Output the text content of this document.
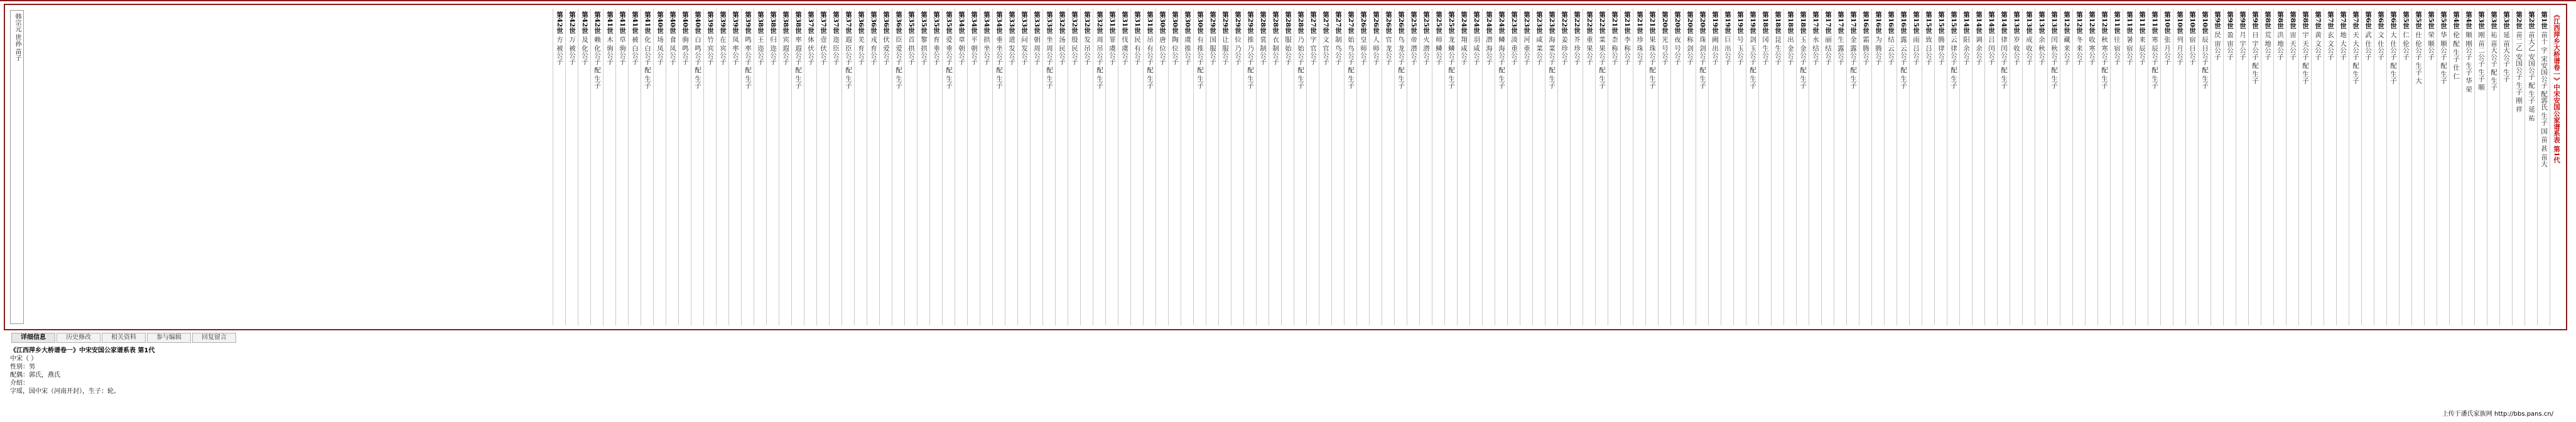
《江西萍乡大桥谱卷一》中宋安国公家谱系表 第1代
第1世 苗十 字 宋安国公子 配郭氏 生子 国 苗 甚 苗大
第2世 苗大乙 安国公子 配 生子 延 祐
第2世 苗二乙 安国公子 生子 刚 祥
第3世 延 苗大公子 生子
第3世 祐 苗大公子 配 生子
第3世 刚 苗二公子 生子 顺
第4世 顺 刚公子 生子 华 荣
第4世 伦 配 生子 仕 仁
第5世 华 顺公子 配 生子
第5世 荣 顺公子
第5世 仕 伦公子 生子 大
第5世 仁 伦公子
第6世 大 仕公子 配 生子
第6世 文 仕公子
第6世 武 仕公子
第7世 天 大公子 配 生子
第7世 地 大公子
第7世 玄 文公子
第7世 黄 文公子
第8世 宇 天公子 配 生子
第8世 宙 天公子
第8世 洪 地公子
第8世 荒 地公子
第9世 日 宇公子 配 生子
第9世 月 宇公子
第9世 盈 宙公子
第9世 昃 宙公子
第10世 辰 日公子 配 生子
第10世 宿 日公子
第10世 列 月公子
第10世 张 月公子
第11世 寒 辰公子 配 生子
第11世 来 辰公子
第11世 暑 宿公子
第11世 往 宿公子
第12世 秋 寒公子 配 生子
第12世 收 寒公子
第12世 冬 来公子
第12世 藏 来公子
第13世 闰 秋公子 配 生子
第13世 余 秋公子
第13世 成 收公子
第13世 岁 收公子
第14世 律 闰公子 配 生子
第14世 吕 闰公子
第14世 调 余公子
第14世 阳 余公子
第15世 云 律公子 配 生子
第15世 腾 律公子
第15世 致 吕公子
第15世 雨 吕公子
第16世 露 云公子 配 生子
第16世 结 云公子
第16世 为 腾公子
第16世 霜 腾公子
第17世 金 露公子 配 生子
第17世 生 露公子
第17世 丽 结公子
第17世 水 结公子
第18世 玉 金公子 配 生子
第18世 出 金公子
第18世 昆 生公子
第18世 冈 生公子
第19世 剑 玉公子 配 生子
第19世 号 玉公子
第19世 巨 出公子
第19世 阙 出公子
第20世 珠 剑公子 配 生子
第20世 称 剑公子
第20世 夜 号公子
第20世 光 号公子
第21世 果 珠公子 配 生子
第21世 珍 珠公子
第21世 李 称公子
第21世 柰 称公子
第22世 菜 果公子 配 生子
第22世 重 果公子
第22世 芥 珍公子
第22世 姜 珍公子
第23世 海 菜公子 配 生子
第23世 咸 菜公子
第23世 河 重公子
第23世 淡 重公子
第24世 鳞 海公子 配 生子
第24世 潜 海公子
第24世 羽 咸公子
第24世 翔 咸公子
第25世 龙 鳞公子 配 生子
第25世 师 鳞公子
第25世 火 潜公子
第25世 帝 潜公子
第26世 鸟 龙公子 配 生子
第26世 官 龙公子
第26世 人 师公子
第26世 皇 师公子
第27世 始 鸟公子 配 生子
第27世 制 鸟公子
第27世 文 官公子
第27世 字 官公子
第28世 乃 始公子 配 生子
第28世 服 始公子
第28世 衣 制公子
第28世 裳 制公子
第29世 推 乃公子 配 生子
第29世 位 乃公子
第29世 让 服公子
第29世 国 服公子
第30世 有 推公子 配 生子
第30世 虞 推公子
第30世 陶 位公子
第30世 唐 位公子
第31世 吊 有公子 配 生子
第31世 民 有公子
第31世 伐 虞公子
第31世 罪 虞公子
第32世 周 吊公子 配 生子
第32世 发 吊公子
第32世 殷 民公子
第32世 汤 民公子
第33世 坐 周公子 配 生子
第33世 朝 周公子
第33世 问 发公子
第33世 道 发公子
第34世 垂 坐公子 配 生子
第34世 拱 坐公子
第34世 平 朝公子
第34世 章 朝公子
第35世 爱 垂公子 配 生子
第35世 育 垂公子
第35世 黎 拱公子
第35世 首 拱公子
第36世 臣 爱公子 配 生子
第36世 伏 爱公子
第36世 戎 育公子
第36世 羌 育公子
第37世 遐 臣公子 配 生子
第37世 迩 臣公子
第37世 壹 伏公子
第37世 体 伏公子
第38世 率 遐公子 配 生子
第38世 宾 遐公子
第38世 归 迩公子
第38世 王 迩公子
第39世 鸣 率公子 配 生子
第39世 凤 率公子
第39世 在 宾公子
第39世 竹 宾公子
第40世 白 鸣公子 配 生子
第40世 驹 鸣公子
第40世 食 凤公子
第40世 场 凤公子
第41世 化 白公子 配 生子
第41世 被 白公子
第41世 草 驹公子
第41世 木 驹公子
第42世 赖 化公子 配 生子
第42世 及 化公子
第42世 万 被公子
第42世 方 被公子
韩宗元 世孙 苗子
详细信息	历史修改	相关资料	参与编辑	回复留言
《江西萍乡大桥谱卷一》中宋安国公家谱系表 第1代
中宋（ ）
性别：男
配偶：郭氏，燕氏
介绍：
字瑶，国中宋（河南开封），生子：轮。
上传于潘氏家族网 http://bbs.pans.cn/
